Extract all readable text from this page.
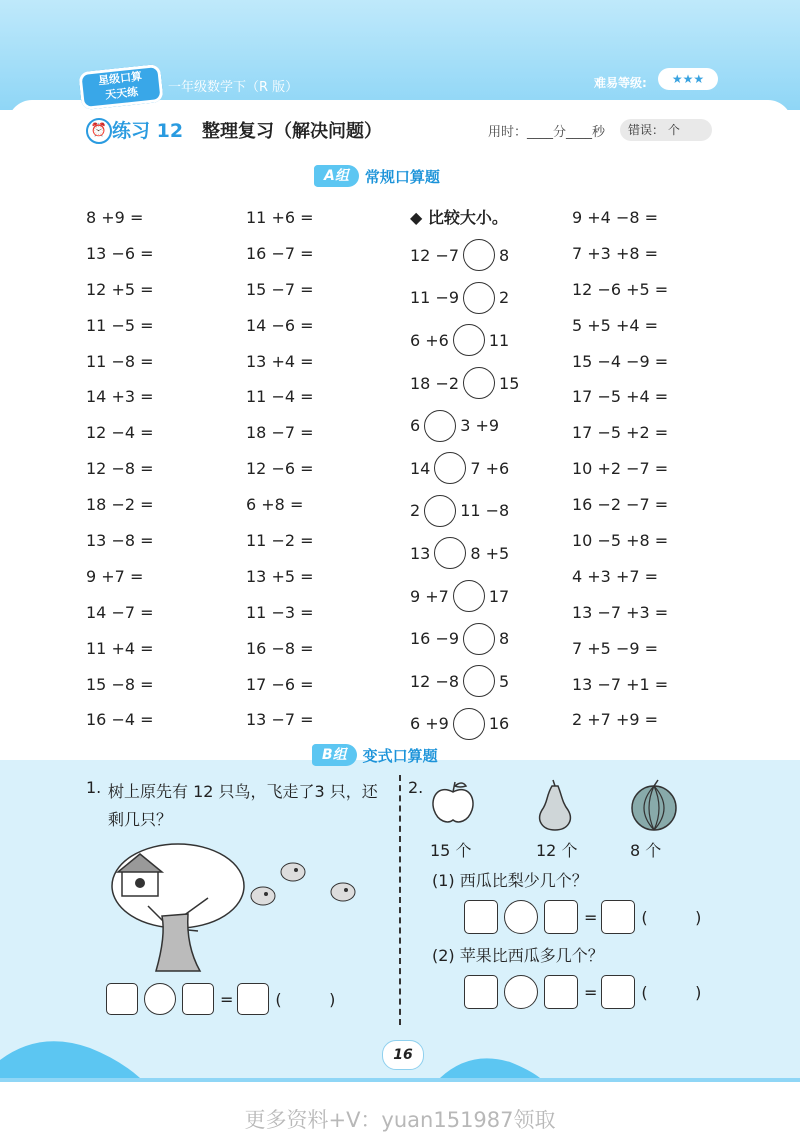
星级口算
天天练	一年级数学下（R 版）	难易等级:	★★★
⏰ 练习 12 整理复习（解决问题）	用时：____分____秒	错误： 个
A组 常规口算题
8 +9 =
13 −6 =
12 +5 =
11 −5 =
11 −8 =
14 +3 =
12 −4 =
12 −8 =
18 −2 =
13 −8 =
9 +7 =
14 −7 =
11 +4 =
15 −8 =
16 −4 =
11 +6 =
16 −7 =
15 −7 =
14 −6 =
13 +4 =
11 −4 =
18 −7 =
12 −6 =
6 +8 =
11 −2 =
13 +5 =
11 −3 =
16 −8 =
17 −6 =
13 −7 =
◆ 比较大小。
12 −7	8
11 −9	2
6 +6	11
18 −2	15
6	3 +9
14	7 +6
2	11 −8
13	8 +5
9 +7	17
16 −9	8
12 −8	5
6 +9	16
9 +4 −8 =
7 +3 +8 =
12 −6 +5 =
5 +5 +4 =
15 −4 −9 =
17 −5 +4 =
17 −5 +2 =
10 +2 −7 =
16 −2 −7 =
10 −5 +8 =
4 +3 +7 =
13 −7 +3 =
7 +5 −9 =
13 −7 +1 =
2 +7 +9 =
B组 变式口算题
1. 树上原先有 12 只鸟，飞走了3 只，还剩几只？
=	(	)
2.
15 个	12 个	8 个
(1) 西瓜比梨少几个？
=	(	)
(2) 苹果比西瓜多几个？
=	(	)
16
更多资料+V：yuan151987领取
